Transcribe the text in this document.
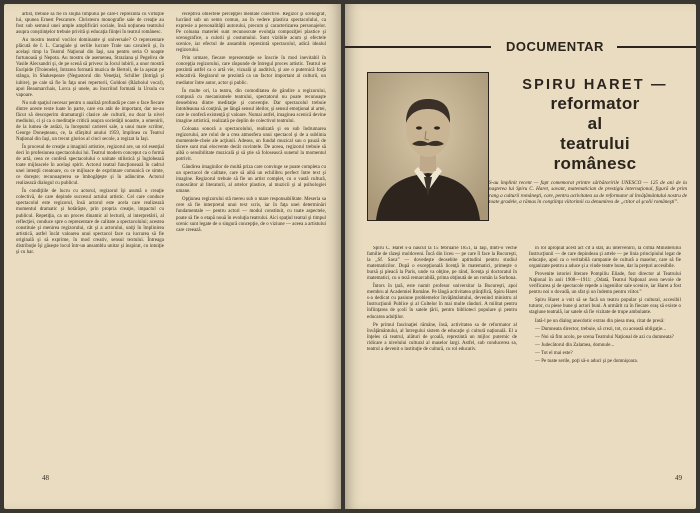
artist, trebuie să fie în slujba timpului pe care-l reprezintă cu virtuţile lui, spunea Ernest Pescatore. Christesru monografie sale de creaţie au fost sub semnul unei ample amplificări sociale, însă noţiunea teatrului asupra conştiinţelor trebuie privită şi educaţia fiinţei în teatrul românesc.

Au mostru teatrul vocilor dominante şi universale? O reprezentare plăcută de I. L. Caragiale şi seriile lucrare Trale sau cavalerii şi, în acelaşi timp la Teatrul Naţional din Iaşi, sau pentru seria O noapte furtunoasă şi Nepota. Au mostru de asemenea, Straziana şi Pegeliva de Vasile Alecsandri şi, de pe scenă să privesc la Jocul iubirii, a unor mostră Euripide (Troienele), Intrarea formată muzica de Bertoli, de la aşezat pe stânga, în Shakespeare (Negustorul din Veneţia), Schiller (Intrigă şi iubire), pe cale să fie în faţa unei repertorii, Goldoni (Războiul vocal), apoi Beaumarchais, Lorca şi unele, au înscriind formată la Ursula cu vapoare.

Nu sub spaţiul necesar pentru o analiză profundă pe care o face fiecare dintre aceste texte luate în parte, care era atât de important, dar ne-au făcut să descoperim dramaturgii clasice ale culturii, nu doar la nivel mediului, ci şi ca o meditaţie critică asupra societăţii noastre, a omenirii, de la lumea de astăzi, la începutul carierei sale, a unui mare scriitor, George Doneşteanu, ce, la sfârşitul anului 1959, împlinea cu Teatrul Naţional din Iaşi, un trecut glorios al cinci secole, a regizat la Iaşi.

În procesul de creaţie a imaginii artistice, regizorul are, un rol esenţial deci în profesiunea spectacolului lui. Teatrul modern conceput ca o formă de artă, ceea ce conferă spectacolului o unitate stilistică şi înglobează toate mijloacele în acelaşi spirit. Actorul teatral funcţionează în cadrul unei intenţii creatoare, cu ce mijloace de exprimare comunică ce simte, ce doreşte; recunoaşterea se îmbogăţeşte şi în adâncime. Actorul realizează dialogul cu publicul.

În condiţiile de lucru cu actorul, regizorul îşi asumă o creaţie colectivă, de care depinde succesul actului artistic. Cel care conduce spectacolul este regizorul, însă actorul este acela care realizează momentul dramatic şi hotărăşte, prin propria creaţie, impactul cu publicul. Repetiţia, ca un proces dinamic al lecturii, al interpretării, al reflecţiei, conduce spre o reprezentare de calitate a spectacolului; acestea constituie şi menirea regizorului, cât şi a actorului, uniţi în împlinirea artistică, astfel încât valoarea unui spectacol face ca lucrarea să fie originală şi să exprime, în mod creativ, sensul textului. Întreaga distribuţie îşi găseşte locul într-un ansamblu unitar şi inspirat, cu intuiţie şi cu har.

receptivă obiectele percepţiei mentale colective. Regizor şi scenograf, lucrând sub un semn comun, au în vedere plastica spectacolului, ca expresie a personalităţii autorului, precum şi caracterizarea personajelor. Pe coloana materiei sunt recunoscute evoluţia compoziţiei plastice şi scenografice, a culorii şi costumului. Sunt vizibile acum şi efectele scenice, iar efectul de ansamblu reprezintă spectacolul, adică idealul regizorului.

Prin urmare, fiecare reprezentaţie se înscrie în mod inevitabil în concepţia regizorului, care răspunde de întregul proces artistic. Teatrul se prezintă astfel ca o artă vie, vizuală şi auditivă, şi are o puternică forţă educativă. Regizorul se prezintă ca un factor important al culturii, un mediator între autor, actor şi public.

În multe ori, la teatru, din comoditatea de gândire a regizorului, compusă cu mecanismele teatrului, spectatorul nu poate recunoaşte deosebirea dintre meditaţie şi convenţie. Dar spectacolul trebuie întotdeauna să conţină, pe lângă sensul ideilor, şi sensul emoţional al artei, care le conferă existenţă şi valoare. Numai astfel, imaginea scenică devine imagine artistică, realizată pe deplin de colectivul teatrului.

Coloana sonoră a spectacolului, realizată şi ea sub îndrumarea regizorului, are rolul de a crea atmosfera unui spectacol şi de a sublinia momentele-cheie ale acţiunii. Adesea, un fundal muzical sau o pauză de tăcere sunt mai elocvente decât cuvintele. De aceea, regizorul trebuie să aibă o sensibilitate muzicală şi să ştie să folosească sunetul la momentul potrivit.

Gândirea imaginilor de multă priza care convinge se poate completa cu un spectacol de calitate, care să aibă un echilibru perfect între text şi imagine. Regizorul trebuie să fie un artist complet, cu o vastă cultură, cunoscător al literaturii, al artelor plastice, al muzicii şi al psihologiei umane.

Opţiunea regizorului stă mereu sub o mare responsabilitate. Meseria sa cere să fie interpretul unui text scris, iar în faţa unei determinări fundamentale — pentru actori — modul constituit, cu toate aspectele, poate să fie o etapă nouă în evoluţia teatrului. Aici spaţiul teatral şi timpul scenic sunt legate de o singură concepţie, de o viziune — aceea a artistului care creează.

48
DOCUMENTAR
SPIRU HARET —
reformator
al
teatrului
românesc
S-au împlinit recent — fapt comemorat printre sărbătoririle UNESCO — 125 de ani de la naşterea lui Spiru C. Haret, savant, matematician de prestigiu internaţional, figură de prim rang a culturii româneşti, care, pentru activitatea sa de reformator al învăţământului nostru de toate gradele, a rămas în conştiinţa viitorimii cu denumirea de „ctitor al şcolii româneşti”.

Spiru C. Haret s-a născut la 15 februarie 1851, la Iaşi, dintr-o veche familie de răzeşi moldoveni. Încă din liceu — pe care îl face la Bucureşti, la „Sf. Sava” — dovedeşte deosebite aptitudini pentru studiul matematicilor. După o excepţională licenţă în matematici, primeşte o bursă şi pleacă la Paris, unde va obţine, pe rând, licenţa şi doctoratul în matematici, cu o teză remarcabilă, prima obţinută de un român la Sorbona.

Întors în ţară, este numit profesor universitar la Bucureşti, apoi membru al Academiei Române. Pe lângă activitatea ştiinţifică, Spiru Haret s-a dedicat cu pasiune problemelor învăţământului, devenind ministru al Instrucţiunii Publice şi al Cultelor în mai multe rânduri. A militat pentru înfiinţarea de şcoli în satele ţării, pentru biblioteci populare şi pentru educarea adulţilor.

Pe primul fascinaţiei rămâne, însă, activitatea sa de reformator al învăţământului, al întregului sistem de educaţie şi cultură naţională. El a înţeles că teatrul, alături de şcoală, reprezintă un mijloc puternic de ridicare a nivelului cultural al maselor largi. Astfel, sub conducerea sa, teatrul a devenit o instituţie de cultură, cu rol educativ.

în rol apropiat acest act cît a stat, au intervenirii, la cîrma Ministerului Instrucţiunii — de care depindeau şi artele — pe linia principiului legat de educaţie, apoi ca o veritabilă campanie de cultură a maselor, care să fie organizate pentru a aduce şi a vinde teatre bune, dar la preţuri accesibile.

Provenite istoriei literare Pompiliu Eliade, fost director al Teatrului Naţional în anii 1908—1911: „Odată, Teatrul Naţional avea nevoie de verificarea şi de spectacole repede a ingeniilor sale scenice, iar Haret a fost pentru noi o dovadă, un sfat şi un îndemn pentru viitor.”

Spiru Haret a voit să se facă un teatru popular şi cultural, accesibil tuturor, cu piese bune şi actori buni. A urmărit ca în fiecare oraş să existe o stagiune teatrală, iar satele să fie vizitate de trupe ambulante.

Iată-l pe un dialog anecdotic extras din piesa mea, citat de presă:

— Dumneata director, trebuie, să crezi, tot, cu această obligaţie...

— Noi să fim acolo, pe scena Teatrului Naţional de azi cu dumneata?

— Judecătorul din Zalamea, domnule...

— Tot el mai este?

— Pe toate serile, poţi să-o aduci şi pe domnişoara.

49
